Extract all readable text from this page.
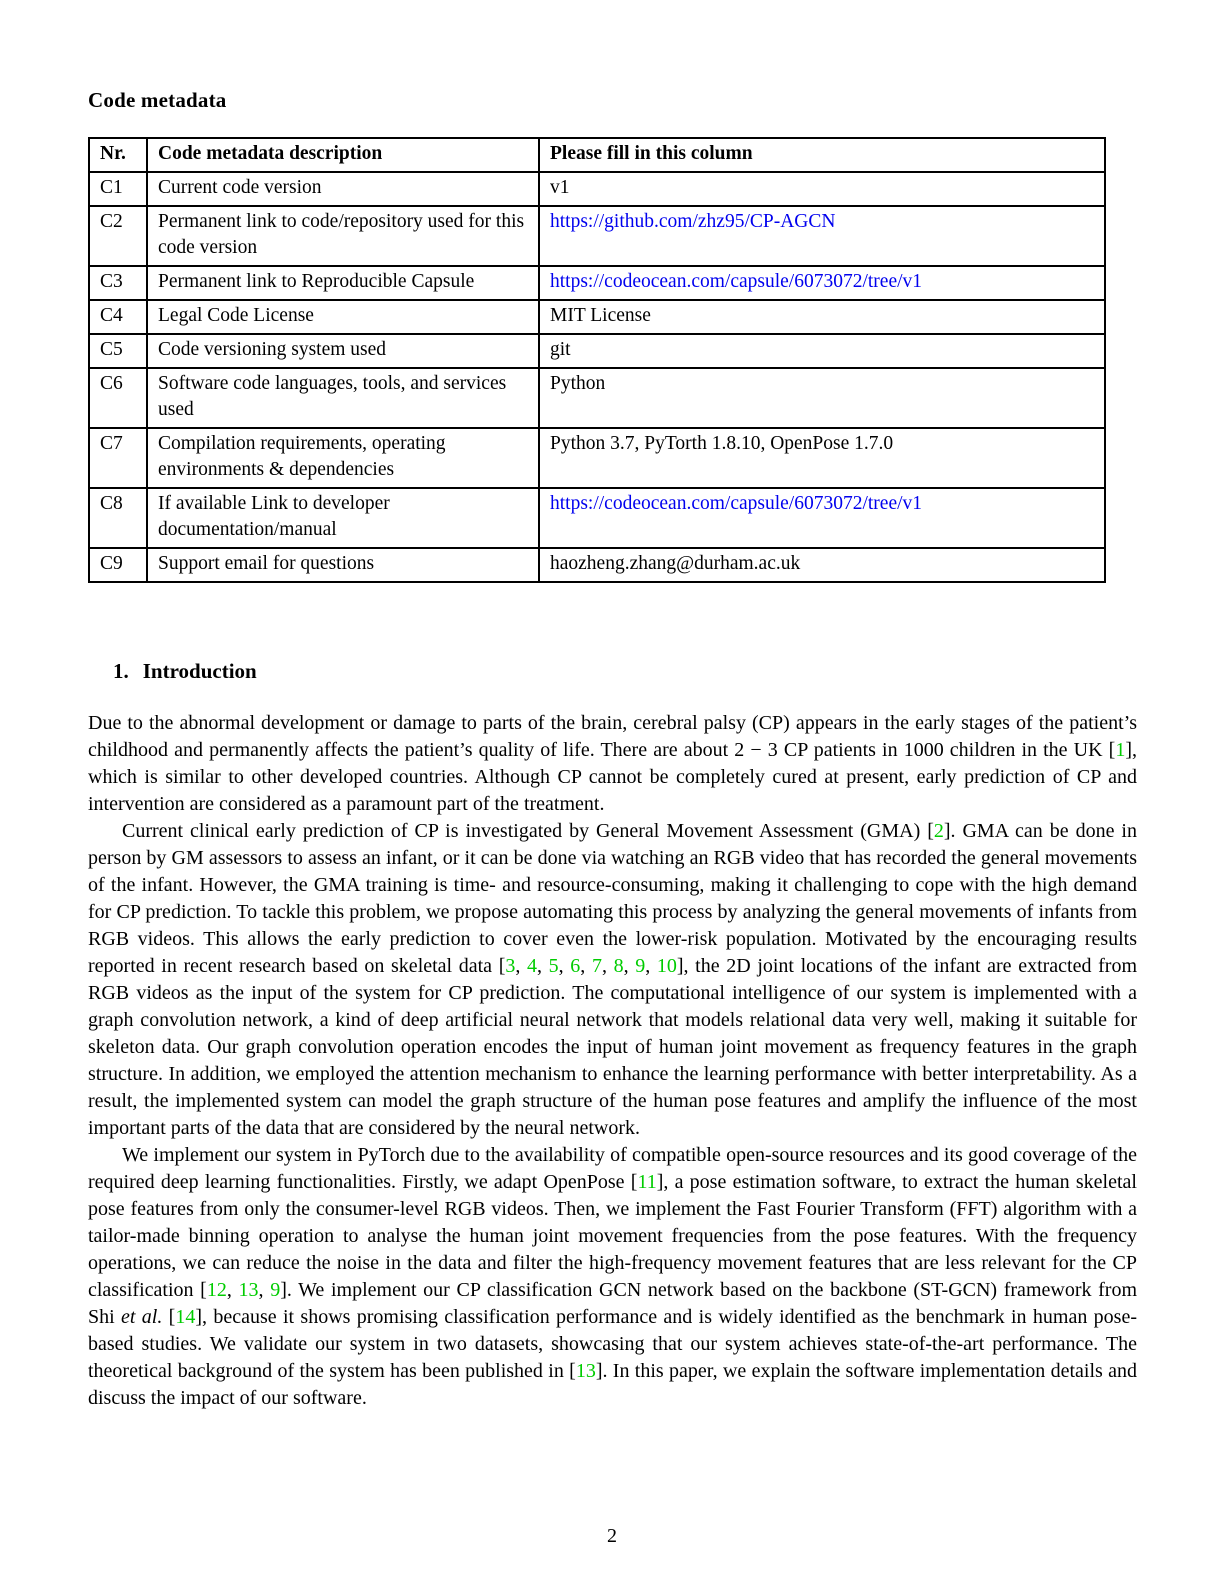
Code metadata
Nr.	Code metadata description	Please fill in this column
C1	Current code version	v1
C2	Permanent link to code/repository used for this code version	https://github.com/zhz95/CP-AGCN
C3	Permanent link to Reproducible Capsule	https://codeocean.com/capsule/6073072/tree/v1
C4	Legal Code License	MIT License
C5	Code versioning system used	git
C6	Software code languages, tools, and services used	Python
C7	Compilation requirements, operating environments & dependencies	Python 3.7, PyTorth 1.8.10, OpenPose 1.7.0
C8	If available Link to developer documentation/manual	https://codeocean.com/capsule/6073072/tree/v1
C9	Support email for questions	haozheng.zhang@durham.ac.uk
1. Introduction

Due to the abnormal development or damage to parts of the brain, cerebral palsy (CP) appears in the early stages of the patient’s childhood and permanently affects the patient’s quality of life. There are about 2 − 3 CP patients in 1000 children in the UK [1], which is similar to other developed countries. Although CP cannot be completely cured at present, early prediction of CP and intervention are considered as a paramount part of the treatment.

Current clinical early prediction of CP is investigated by General Movement Assessment (GMA) [2]. GMA can be done in person by GM assessors to assess an infant, or it can be done via watching an RGB video that has recorded the general movements of the infant. However, the GMA training is time- and resource-consuming, making it challenging to cope with the high demand for CP prediction. To tackle this problem, we propose automating this process by analyzing the general movements of infants from RGB videos. This allows the early prediction to cover even the lower-risk population. Motivated by the encouraging results reported in recent research based on skeletal data [3, 4, 5, 6, 7, 8, 9, 10], the 2D joint locations of the infant are extracted from RGB videos as the input of the system for CP prediction. The computational intelligence of our system is implemented with a graph convolution network, a kind of deep artificial neural network that models relational data very well, making it suitable for skeleton data. Our graph convolution operation encodes the input of human joint movement as frequency features in the graph structure. In addition, we employed the attention mechanism to enhance the learning performance with better interpretability. As a result, the implemented system can model the graph structure of the human pose features and amplify the influence of the most important parts of the data that are considered by the neural network.

We implement our system in PyTorch due to the availability of compatible open-source resources and its good coverage of the required deep learning functionalities. Firstly, we adapt OpenPose [11], a pose estimation software, to extract the human skeletal pose features from only the consumer-level RGB videos. Then, we implement the Fast Fourier Transform (FFT) algorithm with a tailor-made binning operation to analyse the human joint movement frequencies from the pose features. With the frequency operations, we can reduce the noise in the data and filter the high-frequency movement features that are less relevant for the CP classification [12, 13, 9]. We implement our CP classification GCN network based on the backbone (ST-GCN) framework from Shi et al. [14], because it shows promising classification performance and is widely identified as the benchmark in human pose-based studies. We validate our system in two datasets, showcasing that our system achieves state-of-the-art performance. The theoretical background of the system has been published in [13]. In this paper, we explain the software implementation details and discuss the impact of our software.

2
